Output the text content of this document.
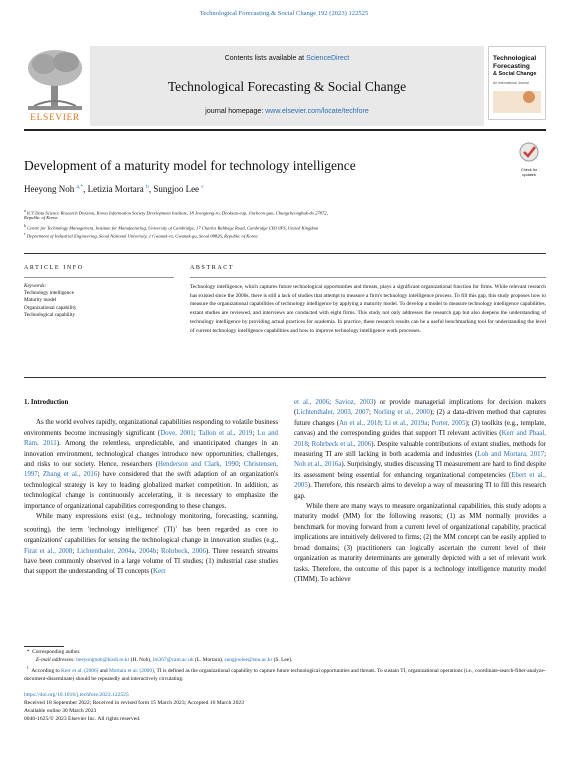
Technological Forecasting & Social Change 192 (2023) 122525
ELSEVIER
Contents lists available at ScienceDirect
Technological Forecasting & Social Change
journal homepage: www.elsevier.com/locate/techfore
Technological
Forecasting
& Social Change
An International Journal
Check for
updates
Development of a maturity model for technology intelligence
Heeyong Noh $^{a,*}$, Letizia Mortara $^b$, Sungjoo Lee $^c$
$^a$ ICT Data Science Research Division, Korea Information Society Development Institute, 18 Jeongtong-ro, Deoksan-eup, Jincheon-gun, Chungcheongbuk-do 27872,
Republic of Korea
$^b$ Centre for Technology Management, Institute for Manufacturing, University of Cambridge, 17 Charles Babbage Road, Cambridge CB3 0FS, United Kingdom
$^c$ Department of Industrial Engineering, Seoul National University, 1 Gwanak-ro, Gwanak-gu, Seoul 08826, Republic of Korea
ARTICLE INFO	ABSTRACT
Keywords:
Technology intelligence
Maturity model
Organizational capability
Technological capability
Technology intelligence, which captures future technological opportunities and threats, plays a significant organizational function for firms. While relevant research has existed since the 2000s, there is still a lack of studies that attempt to measure a firm's technology intelligence process. To fill this gap, this study proposes how to measure the organizational capabilities of technology intelligence by applying a maturity model. To develop a model to measure technology intelligence capabilities, extant studies are reviewed, and interviews are conducted with eight firms. This study not only addresses the research gap but also deepens the understanding of technology intelligence by providing actual practices for academia. In practice, these research results can be a useful benchmarking tool for understanding the level of current technology intelligence capabilities and how to improve technology intelligence work processes.

1. Introduction

As the world evolves rapidly, organizational capabilities responding to volatile business environments become increasingly significant (Dove, 2001; Tallon et al., 2019; Lu and Ram, 2011). Among the relentless, unpredictable, and unanticipated changes in an innovation environment, technological changes introduce new opportunities, challenges, and risks to our society. Hence, researchers (Henderson and Clark, 1990; Christensen, 1997; Zhang et al., 2016) have considered that the swift adaption of an organization's technological strategy is key to leading globalized market competition. In addition, as technological change is continuously accelerating, it is necessary to emphasize the importance of organizational capabilities corresponding to these changes.

While many expressions exist (e.g., technology monitoring, forecasting, scanning, scouting), the term 'technology intelligence' (TI)$^1$ has been regarded as core to organizations' capabilities for sensing the technological change in innovation studies (e.g., Firat et al., 2008; Lichtenthaler, 2004a, 2004b; Rohrbeck, 2006). Three research streams have been commonly observed in a large volume of TI studies; (1) industrial case studies that support the understanding of TI concepts (Kerr

et al., 2006; Savioz, 2003) or provide managerial implications for decision makers (Lichtenthaler, 2003, 2007; Norling et al., 2000); (2) a data-driven method that captures future changes (An et al., 2018; Li et al., 2019a; Porter, 2005); (3) toolkits (e.g., template, canvas) and the corresponding guides that support TI relevant activities (Kerr and Phaal, 2018; Rohrbeck et al., 2006). Despite valuable contributions of extant studies, methods for measuring TI are still lacking in both academia and industries (Loh and Mortara, 2017; Noh et al., 2016a). Surprisingly, studies discussing TI measurement are hard to find despite its assessment being essential for enhancing organizational competencies (Ebert et al., 2005). Therefore, this research aims to develop a way of measuring TI to fill this research gap.

While there are many ways to measure organizational capabilities, this study adopts a maturity model (MM) for the following reasons; (1) as MM normally provides a benchmark for moving forward from a current level of organizational capability, practical implications are intuitively delivered to firms; (2) the MM concept can be easily applied to broad domains; (3) practitioners can logically ascertain the current level of their organization as maturity determinants are generally depicted with a set of relevant work tasks. Therefore, the outcome of this paper is a technology intelligence maturity model (TIMM). To achieve

*  Corresponding author.
E-mail addresses: heeyongnoh@kisdi.re.kr (H. Noh), lm367@cam.ac.uk (L. Mortara), sungjoolee@snu.ac.kr (S. Lee).
$^1$  According to Kerr et al. (2006) and Mortara et al. (2009), TI is defined as the organizational capability to capture future technological opportunities and threats. To sustain TI, organizational operations (i.e., coordinate-search-filter-analyze-document-disseminate) should be repeatedly and interactively circulating.
https://doi.org/10.1016/j.techfore.2023.122525
Received 18 September 2022; Received in revised form 15 March 2023; Accepted 16 March 2023
Available online 30 March 2023
0040-1625/© 2023 Elsevier Inc. All rights reserved.
